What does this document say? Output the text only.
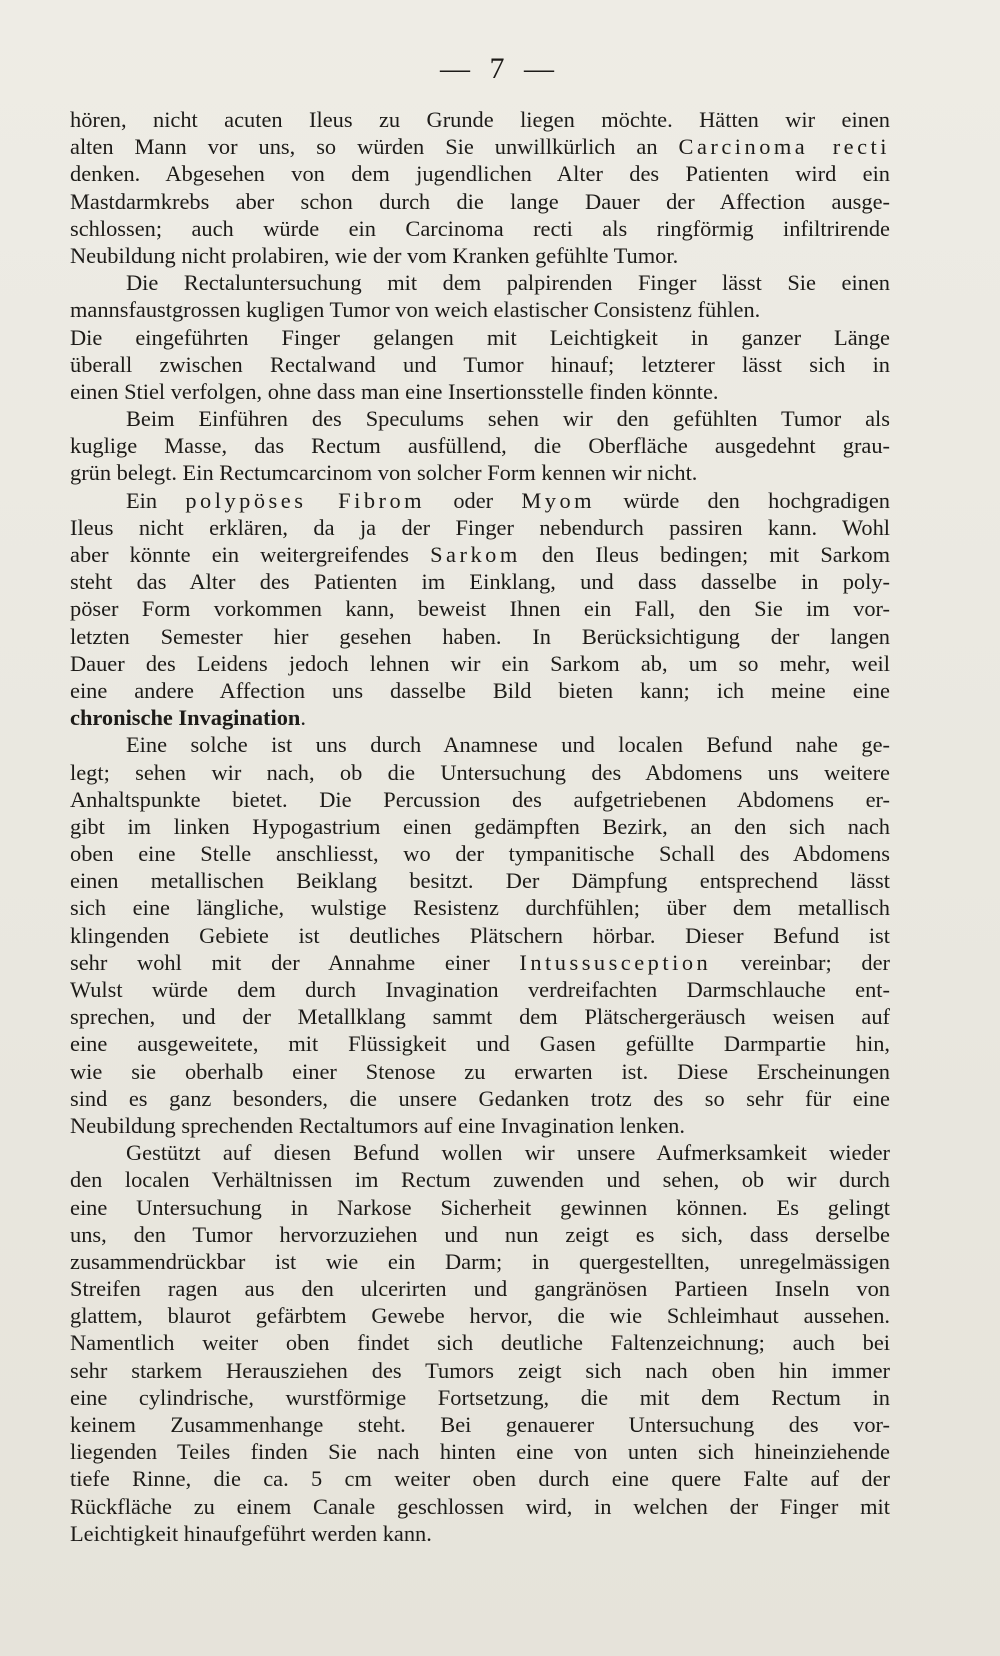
— 7 —
hören, nicht acuten Ileus zu Grunde liegen möchte. Hätten wir einen
alten Mann vor uns, so würden Sie unwillkürlich an Carcinoma recti
denken. Abgesehen von dem jugendlichen Alter des Patienten wird ein
Mastdarmkrebs aber schon durch die lange Dauer der Affection ausge-
schlossen; auch würde ein Carcinoma recti als ringförmig infiltrirende
Neubildung nicht prolabiren, wie der vom Kranken gefühlte Tumor.
Die Rectaluntersuchung mit dem palpirenden Finger lässt Sie einen
mannsfaustgrossen kugligen Tumor von weich elastischer Consistenz fühlen.
Die eingeführten Finger gelangen mit Leichtigkeit in ganzer Länge
überall zwischen Rectalwand und Tumor hinauf; letzterer lässt sich in
einen Stiel verfolgen, ohne dass man eine Insertionsstelle finden könnte.
Beim Einführen des Speculums sehen wir den gefühlten Tumor als
kuglige Masse, das Rectum ausfüllend, die Oberfläche ausgedehnt grau-
grün belegt. Ein Rectumcarcinom von solcher Form kennen wir nicht.
Ein polypöses Fibrom oder Myom würde den hochgradigen
Ileus nicht erklären, da ja der Finger nebendurch passiren kann. Wohl
aber könnte ein weitergreifendes Sarkom den Ileus bedingen; mit Sarkom
steht das Alter des Patienten im Einklang, und dass dasselbe in poly-
pöser Form vorkommen kann, beweist Ihnen ein Fall, den Sie im vor-
letzten Semester hier gesehen haben. In Berücksichtigung der langen
Dauer des Leidens jedoch lehnen wir ein Sarkom ab, um so mehr, weil
eine andere Affection uns dasselbe Bild bieten kann; ich meine eine
chronische Invagination.
Eine solche ist uns durch Anamnese und localen Befund nahe ge-
legt; sehen wir nach, ob die Untersuchung des Abdomens uns weitere
Anhaltspunkte bietet. Die Percussion des aufgetriebenen Abdomens er-
gibt im linken Hypogastrium einen gedämpften Bezirk, an den sich nach
oben eine Stelle anschliesst, wo der tympanitische Schall des Abdomens
einen metallischen Beiklang besitzt. Der Dämpfung entsprechend lässt
sich eine längliche, wulstige Resistenz durchfühlen; über dem metallisch
klingenden Gebiete ist deutliches Plätschern hörbar. Dieser Befund ist
sehr wohl mit der Annahme einer Intussusception vereinbar; der
Wulst würde dem durch Invagination verdreifachten Darmschlauche ent-
sprechen, und der Metallklang sammt dem Plätschergeräusch weisen auf
eine ausgeweitete, mit Flüssigkeit und Gasen gefüllte Darmpartie hin,
wie sie oberhalb einer Stenose zu erwarten ist. Diese Erscheinungen
sind es ganz besonders, die unsere Gedanken trotz des so sehr für eine
Neubildung sprechenden Rectaltumors auf eine Invagination lenken.
Gestützt auf diesen Befund wollen wir unsere Aufmerksamkeit wieder
den localen Verhältnissen im Rectum zuwenden und sehen, ob wir durch
eine Untersuchung in Narkose Sicherheit gewinnen können. Es gelingt
uns, den Tumor hervorzuziehen und nun zeigt es sich, dass derselbe
zusammendrückbar ist wie ein Darm; in quergestellten, unregelmässigen
Streifen ragen aus den ulcerirten und gangränösen Partieen Inseln von
glattem, blaurot gefärbtem Gewebe hervor, die wie Schleimhaut aussehen.
Namentlich weiter oben findet sich deutliche Faltenzeichnung; auch bei
sehr starkem Herausziehen des Tumors zeigt sich nach oben hin immer
eine cylindrische, wurstförmige Fortsetzung, die mit dem Rectum in
keinem Zusammenhange steht. Bei genauerer Untersuchung des vor-
liegenden Teiles finden Sie nach hinten eine von unten sich hineinziehende
tiefe Rinne, die ca. 5 cm weiter oben durch eine quere Falte auf der
Rückfläche zu einem Canale geschlossen wird, in welchen der Finger mit
Leichtigkeit hinaufgeführt werden kann.
